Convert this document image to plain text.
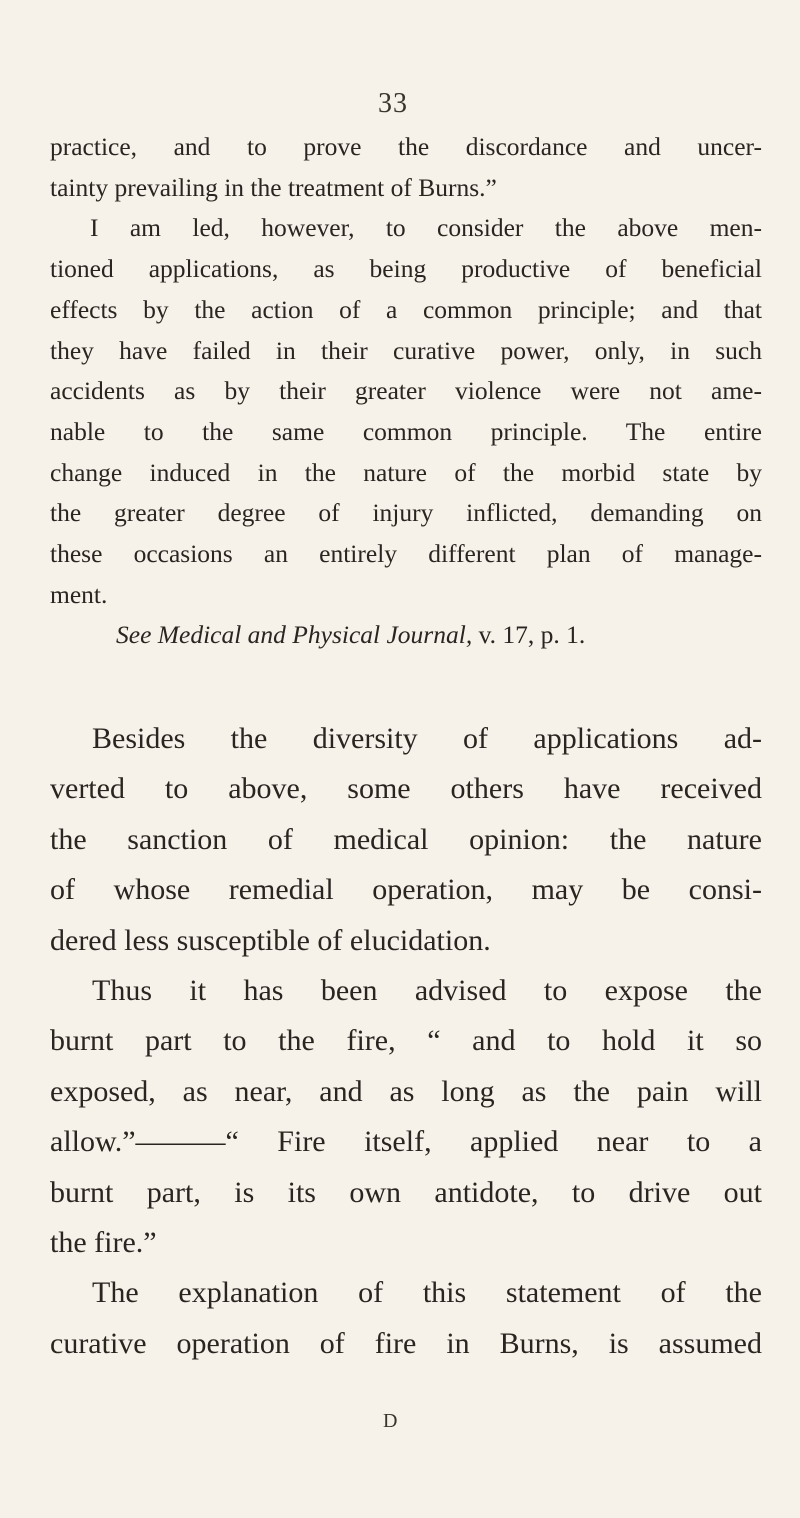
33
practice, and to prove the discordance and uncer-
tainty prevailing in the treatment of Burns.”
I am led, however, to consider the above men-
tioned applications, as being productive of beneficial
effects by the action of a common principle; and that
they have failed in their curative power, only, in such
accidents as by their greater violence were not ame-
nable to the same common principle. The entire
change induced in the nature of the morbid state by
the greater degree of injury inflicted, demanding on
these occasions an entirely different plan of manage-
ment.
See Medical and Physical Journal, v. 17, p. 1.
Besides the diversity of applications ad-
verted to above, some others have received
the sanction of medical opinion: the nature
of whose remedial operation, may be consi-
dered less susceptible of elucidation.
Thus it has been advised to expose the
burnt part to the fire, “ and to hold it so
exposed, as near, and as long as the pain will
allow.”———“ Fire itself, applied near to a
burnt part, is its own antidote, to drive out
the fire.”
The explanation of this statement of the
curative operation of fire in Burns, is assumed
D
